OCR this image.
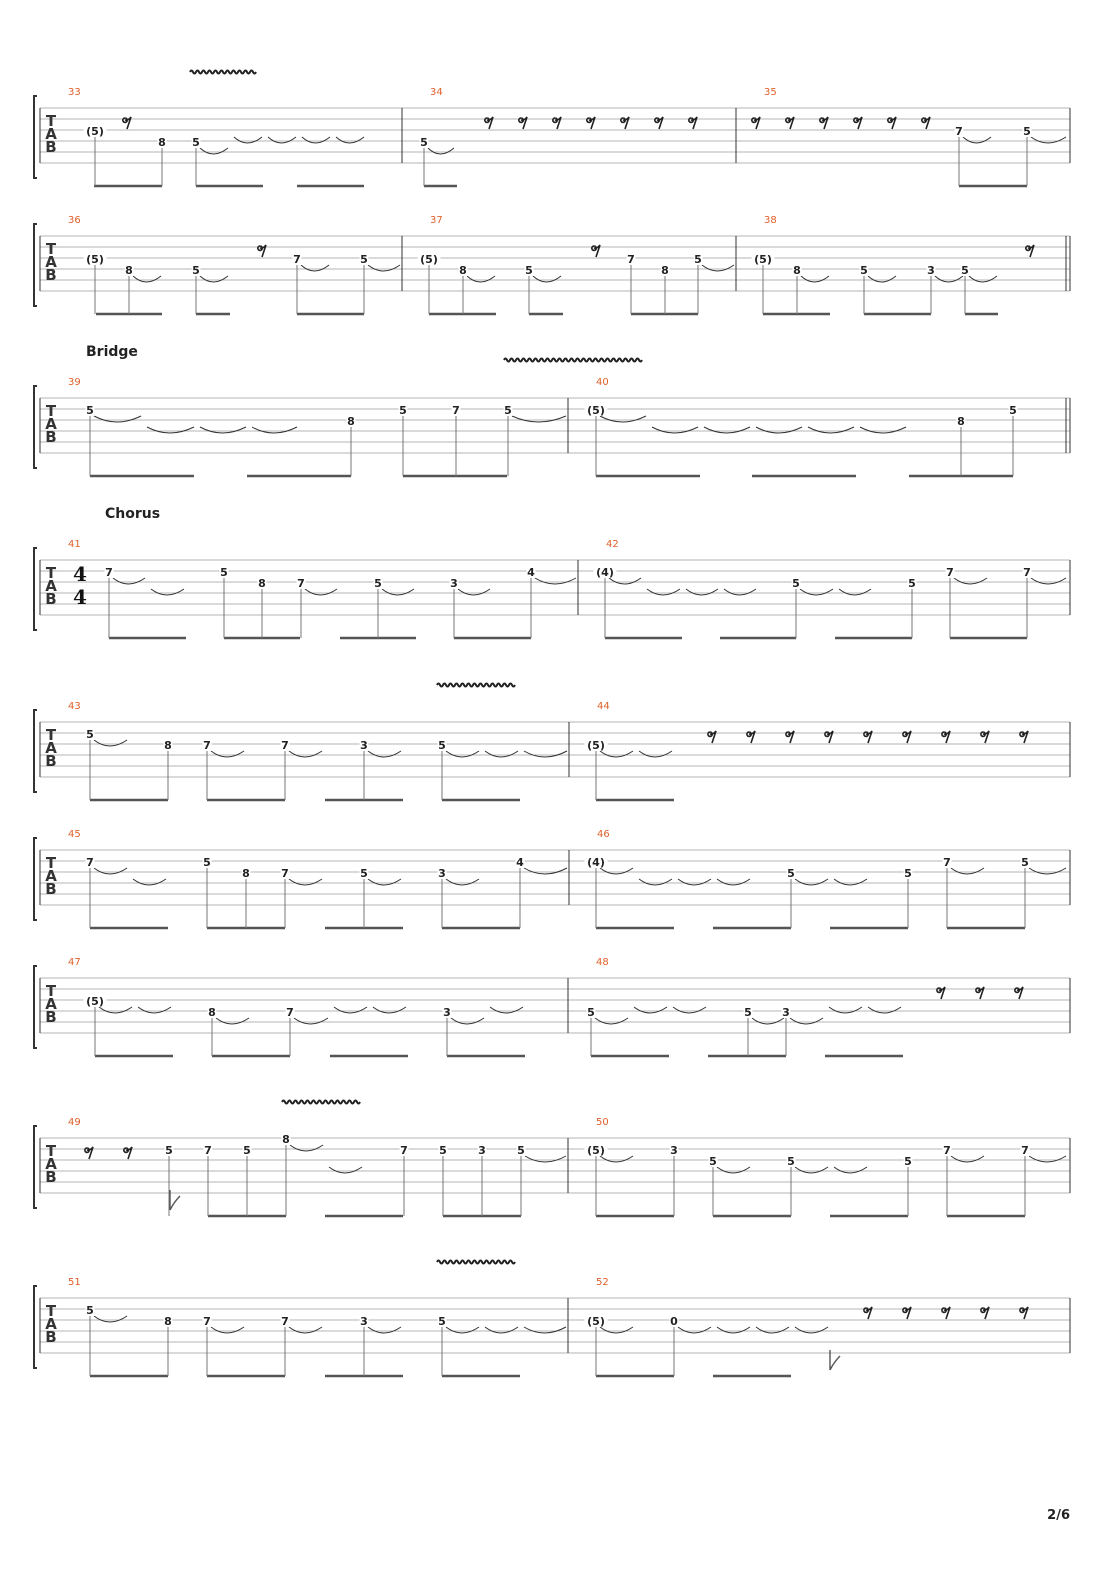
T
A
B
33
(5)
8 5
34
5
35
7	5
T
A
B
36
(5)
8	5
7	5
37
(5)
8	5
7
8
5
38
(5)
8	5	3 5
T
A
B
39
5
8
5	7	5
40
(5)
8
5
T
A
B
4
4
41
7	5
8	7	5	3
4
42
(4)
5	5
7	7
T
A
B
43
5
8	7	7	3	5
44
(5)
T
A
B
45
7	5
8	7	5	3
4
46
(4)
5	5
7	5
T
A
B
47
(5)
8	7	3
48
5	5	3
T
A
B
49
5	7	5
8
7	5	3	5
50
(5)	3
5	5	5
7	7
T
A
B
51
5
8	7	7	3	5
52
(5)	0
Bridge
Chorus
2/6
